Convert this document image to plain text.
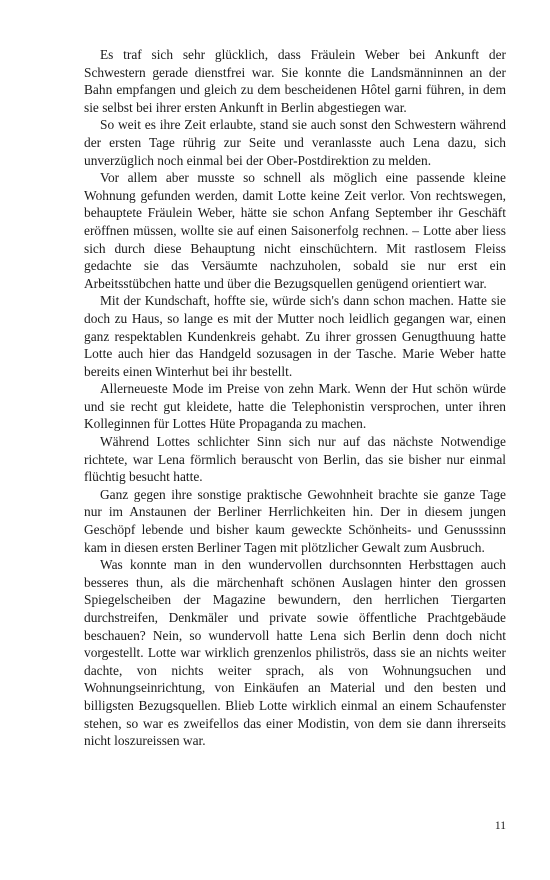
Es traf sich sehr glücklich, dass Fräulein Weber bei Ankunft der Schwestern gerade dienstfrei war. Sie konnte die Landsmänninnen an der Bahn empfangen und gleich zu dem bescheidenen Hôtel garni führen, in dem sie selbst bei ihrer ersten Ankunft in Berlin abgestiegen war.

So weit es ihre Zeit erlaubte, stand sie auch sonst den Schwestern während der ersten Tage rührig zur Seite und veranlasste auch Lena dazu, sich unverzüglich noch einmal bei der Ober-Postdirektion zu melden.

Vor allem aber musste so schnell als möglich eine passende kleine Wohnung gefunden werden, damit Lotte keine Zeit verlor. Von rechtswegen, behauptete Fräulein Weber, hätte sie schon Anfang September ihr Geschäft eröffnen müssen, wollte sie auf einen Saisonerfolg rechnen. – Lotte aber liess sich durch diese Behauptung nicht einschüchtern. Mit rastlosem Fleiss gedachte sie das Versäumte nachzuholen, sobald sie nur erst ein Arbeitsstübchen hatte und über die Bezugsquellen genügend orientiert war.

Mit der Kundschaft, hoffte sie, würde sich's dann schon machen. Hatte sie doch zu Haus, so lange es mit der Mutter noch leidlich gegangen war, einen ganz respektablen Kundenkreis gehabt. Zu ihrer grossen Genugthuung hatte Lotte auch hier das Handgeld sozusagen in der Tasche. Marie Weber hatte bereits einen Winterhut bei ihr bestellt.

Allerneueste Mode im Preise von zehn Mark. Wenn der Hut schön würde und sie recht gut kleidete, hatte die Telephonistin versprochen, unter ihren Kolleginnen für Lottes Hüte Propaganda zu machen.

Während Lottes schlichter Sinn sich nur auf das nächste Notwendige richtete, war Lena förmlich berauscht von Berlin, das sie bisher nur einmal flüchtig besucht hatte.

Ganz gegen ihre sonstige praktische Gewohnheit brachte sie ganze Tage nur im Anstaunen der Berliner Herrlichkeiten hin. Der in diesem jungen Geschöpf lebende und bisher kaum geweckte Schönheits- und Genusssinn kam in diesen ersten Berliner Tagen mit plötzlicher Gewalt zum Ausbruch.

Was konnte man in den wundervollen durchsonnten Herbsttagen auch besseres thun, als die märchenhaft schönen Auslagen hinter den grossen Spiegelscheiben der Magazine bewundern, den herrlichen Tiergarten durchstreifen, Denkmäler und private sowie öffentliche Prachtgebäude beschauen? Nein, so wundervoll hatte Lena sich Berlin denn doch nicht vorgestellt. Lotte war wirklich grenzenlos philiströs, dass sie an nichts weiter dachte, von nichts weiter sprach, als von Wohnungsuchen und Wohnungseinrichtung, von Einkäufen an Material und den besten und billigsten Bezugsquellen. Blieb Lotte wirklich einmal an einem Schaufenster stehen, so war es zweifellos das einer Modistin, von dem sie dann ihrerseits nicht loszureissen war.

11
